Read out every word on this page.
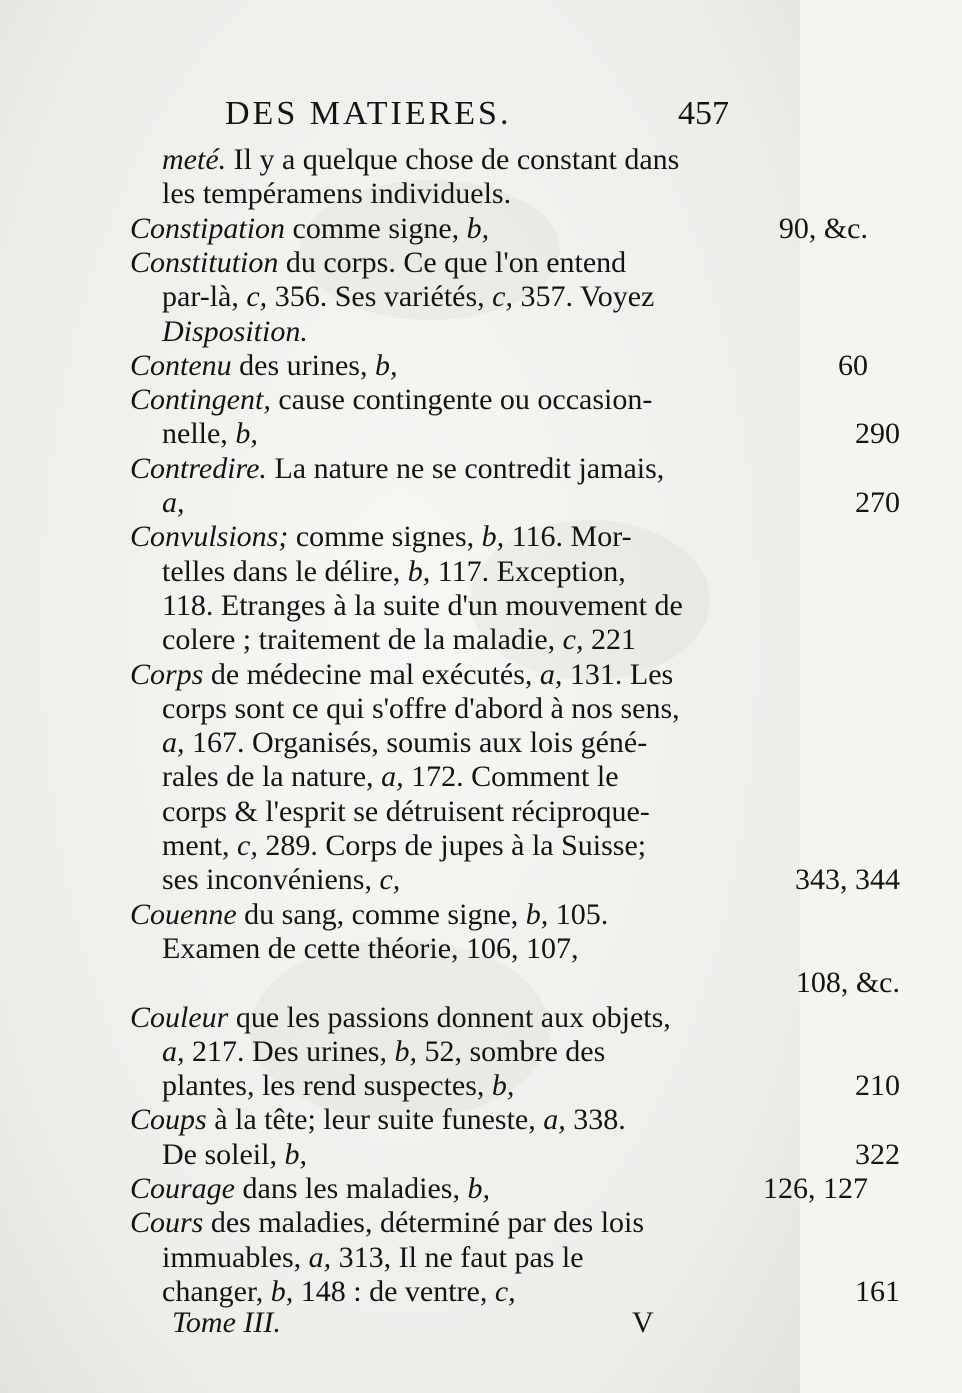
DES MATIERES.	457
meté. Il y a quelque chose de constant dans
les tempéramens individuels.
Constipation comme signe, b,	90, &c.
Constitution du corps. Ce que l'on entend
par-là, c, 356. Ses variétés, c, 357. Voyez
Disposition.
Contenu des urines, b,	60
Contingent, cause contingente ou occasion-
nelle, b,	290
Contredire. La nature ne se contredit jamais,
a,	270
Convulsions; comme signes, b, 116. Mor-
telles dans le délire, b, 117. Exception,
118. Etranges à la suite d'un mouvement de
colere ; traitement de la maladie, c, 221
Corps de médecine mal exécutés, a, 131. Les
corps sont ce qui s'offre d'abord à nos sens,
a, 167. Organisés, soumis aux lois géné-
rales de la nature, a, 172. Comment le
corps & l'esprit se détruisent réciproque-
ment, c, 289. Corps de jupes à la Suisse;
ses inconvéniens, c,	343, 344
Couenne du sang, comme signe, b, 105.
Examen de cette théorie, 106, 107,
108, &c.
Couleur que les passions donnent aux objets,
a, 217. Des urines, b, 52, sombre des
plantes, les rend suspectes, b,	210
Coups à la tête; leur suite funeste, a, 338.
De soleil, b,	322
Courage dans les maladies, b,	126, 127
Cours des maladies, déterminé par des lois
immuables, a, 313, Il ne faut pas le
changer, b, 148 : de ventre, c,	161
Tome III.	V
